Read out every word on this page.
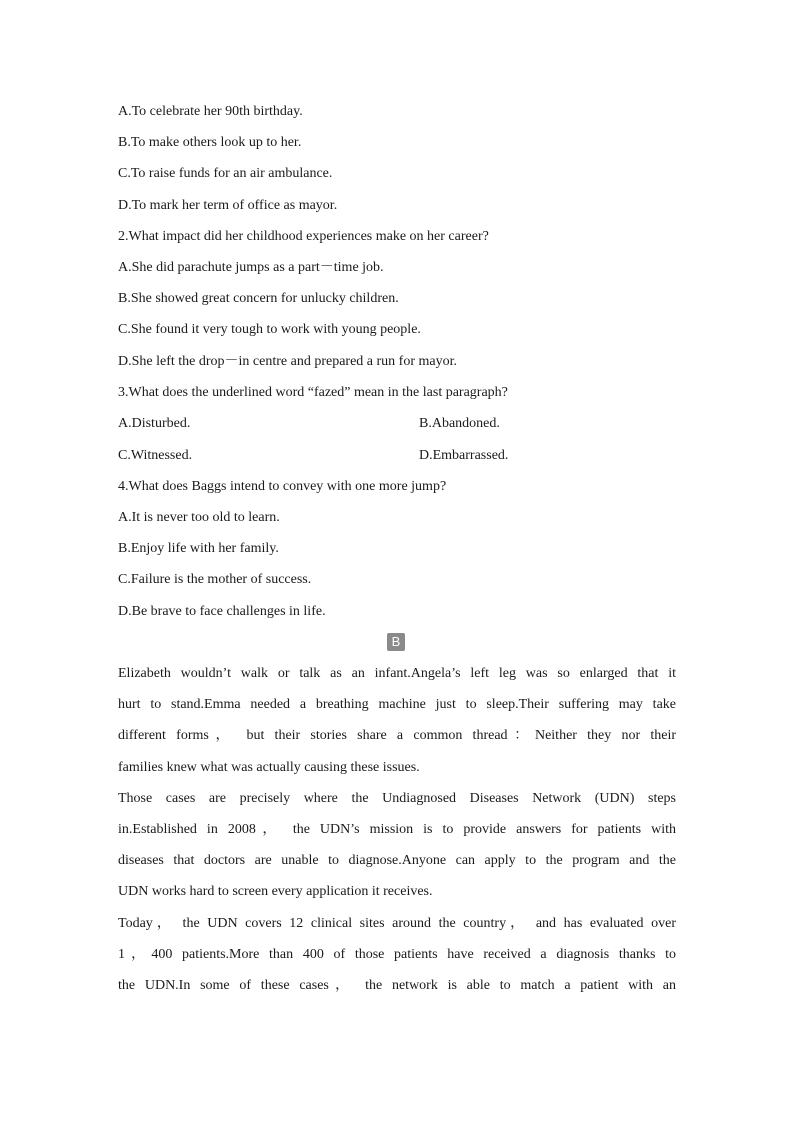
A.To celebrate her 90th birthday.
B.To make others look up to her.
C.To raise funds for an air ambulance.
D.To mark her term of office as mayor.
2.What impact did her childhood experiences make on her career?
A.She did parachute jumps as a part－time job.
B.She showed great concern for unlucky children.
C.She found it very tough to work with young people.
D.She left the drop－in centre and prepared a run for mayor.
3.What does the underlined word “fazed” mean in the last paragraph?
A.Disturbed.	B.Abandoned.
C.Witnessed.	D.Embarrassed.
4.What does Baggs intend to convey with one more jump?
A.It is never too old to learn.
B.Enjoy life with her family.
C.Failure is the mother of success.
D.Be brave to face challenges in life.
B
Elizabeth wouldn’t walk or talk as an infant.Angela’s left leg was so enlarged that it
hurt to stand.Emma needed a breathing machine just to sleep.Their suffering may take
different forms， but their stories share a common thread：Neither they nor their
families knew what was actually causing these issues.
Those cases are precisely where the Undiagnosed Diseases Network (UDN) steps
in.Established in 2008， the UDN’s mission is to provide answers for patients with
diseases that doctors are unable to diagnose.Anyone can apply to the program and the
UDN works hard to screen every application it receives.
Today， the UDN covers 12 clinical sites around the country， and has evaluated over
1，400 patients.More than 400 of those patients have received a diagnosis thanks to
the UDN.In some of these cases， the network is able to match a patient with an
